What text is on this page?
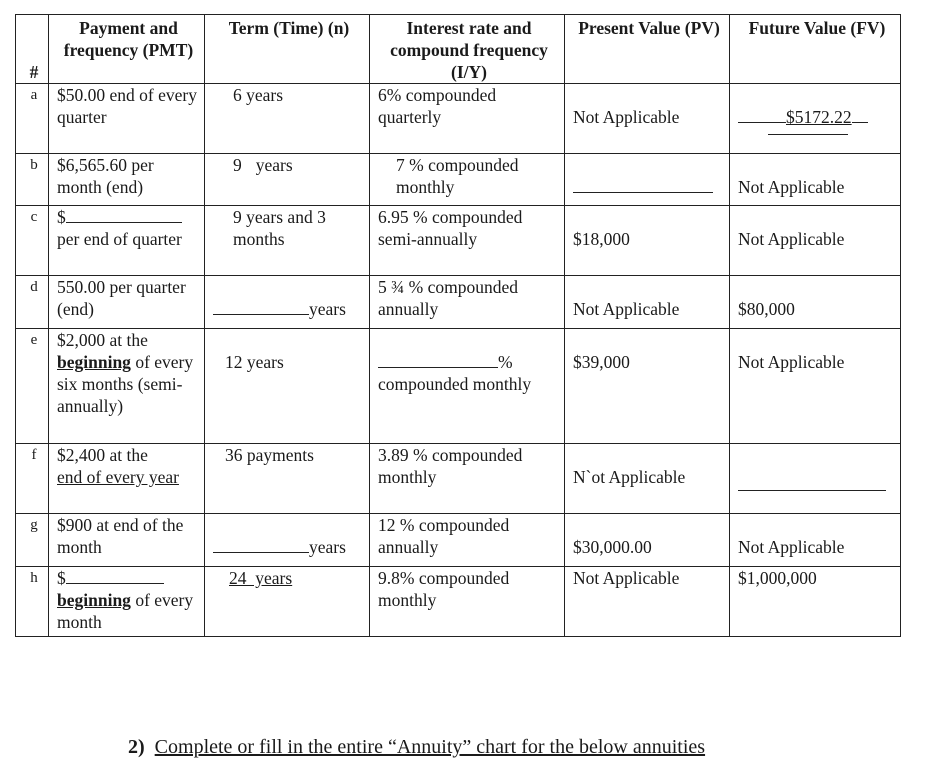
#	Payment and frequency (PMT)	Term (Time) (n)	Interest rate and compound frequency (I/Y)	Present Value (PV)	Future Value (FV)
a	$50.00 end of every quarter	6 years	6% compounded quarterly	Not Applicable	$5172.22

b	$6,565.60 per month (end)	9 years	7 % compounded monthly		Not Applicable

c	$
per end of quarter	9 years and 3 months	6.95 % compounded semi-annually	$18,000	Not Applicable

d	550.00 per quarter (end)	years	5 ¾ % compounded annually	Not Applicable	$80,000

e	$2,000 at the
beginning of every six months (semi-annually)	12 years	%
compounded monthly	$39,000	Not Applicable

f	$2,400 at the
end of every year	36 payments	3.89 % compounded monthly	N`ot Applicable	

g	$900 at end of the month	years	12 % compounded annually	$30,000.00	Not Applicable

h	$
beginning of every month	24  years	9.8% compounded monthly	Not Applicable	$1,000,000
2) Complete or fill in the entire “Annuity” chart for the below annuities
